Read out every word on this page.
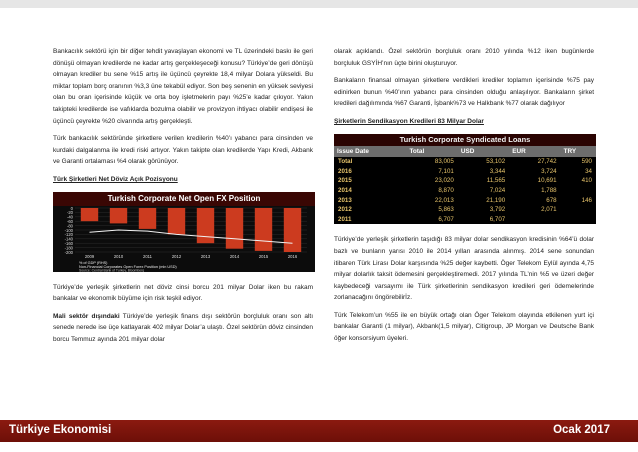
Bankacılık sektörü için bir diğer tehdit yavaşlayan ekonomi ve TL üzerindeki baskı ile geri dönüşü olmayan kredilerde ne kadar artış gerçekleşeceği konusu? Türkiye’de geri dönüşü olmayan krediler bu sene %15 artış ile üçüncü çeyrekte 18,4 milyar Dolara yükseldi. Bu miktar toplam borç oranının %3,3 üne tekabül ediyor. Son beş senenin en yüksek seviyesi olan bu oran içerisinde küçük ve orta boy işletmelerin payı %25’e kadar çıkıyor. Yakın takipteki kredilerde ise vafıklarda bozulma olabilir ve provizyon ihtiyacı olabilir endişesi ile üçüncü çeyrekte %20 civarında artış gerçekleşti.

Türk bankacılık sektöründe şirketlere verilen kredilerin %40’ı yabancı para cinsinden ve kurdaki dalgalanma ile kredi riski artıyor. Yakın takipte olan kredilerde Yapı Kredi, Akbank ve Garanti ortalaması %4 olarak görünüyor.

Türk Şirketleri Net Döviz Açık Pozisyonu

Turkish Corporate Net Open FX Position
0
-20
-40
-60
-80
-100
-120
-140
-160
-180
-200
2009	2010	2011	2012	2013	2014	2015	2016
% of GDP (RHS)
Non-Financial Corporates Open Forex Position (mln USD)
Source: Central Bank of Turkey, Bloomberg

Türkiye’de yerleşik şirketlerin net döviz cinsi borcu 201 milyar Dolar iken bu rakam bankalar ve ekonomik büyüme için risk teşkil ediyor.

Mali sektör dışındaki Türkiye’de yerleşik finans dışı sektörün borçluluk oranı son altı senede nerede ise üçe katlayarak 402 milyar Dolar’a ulaştı. Özel sektörün döviz cinsinden borcu Temmuz ayında 201 milyar dolar

olarak açıklandı. Özel sektörün borçluluk oranı 2010 yılında %12 iken bugünlerde borçluluk GSYİH’nın üçte birini oluşturuyor.

Bankaların finansal olmayan şirketlere verdikleri krediler toplamın içerisinde %75 pay edinirken bunun %40’ının yabancı para cinsinden olduğu anlaşılıyor. Bankaların şirket kredileri dağılımında %67 Garanti, İşbank%73 ve Halkbank %77 olarak dağılıyor

Şirketlerin Sendikasyon Kredileri 83 Milyar Dolar

Turkish Corporate Syndicated Loans
Issue Date	Total	USD	EUR	TRY
Total	83,005	53,102	27,742	590
2016	7,101	3,344	3,724	34
2015	23,020	11,565	10,691	410
2014	8,870	7,024	1,788	
2013	22,013	21,190	678	146
2012	5,863	3,792	2,071	
2011	6,707	6,707		

Türkiye’de yerleşik şirketlerin taşıdığı 83 milyar dolar sendikasyon kredisinin %64’ü dolar bazlı ve bunların yarısı 2010 ile 2014 yılları arasında alınmış. 2014 sene sonundan itibaren Türk Lirası Dolar karşısında %25 değer kaybetti. Öger Telekom Eylül ayında 4,75 milyar dolarlık taksit ödemesini gerçekleştiremedi. 2017 yılında TL’nin %5 ve üzeri değer kaybedeceği varsayımı ile Türk şirketlerinin sendikasyon kredileri geri ödemelerinde zorlanacağını öngörebilirİz.

Türk Telekom’un %55 ile en büyük ortağı olan Öger Telekom olayında etkilenen yurt içi bankalar Garanti (1 milyar), Akbank(1,5 milyar), Citigroup, JP Morgan ve Deutsche Bank öğer konsorsiyum üyeleri.

Türkiye Ekonomisi	Ocak 2017
